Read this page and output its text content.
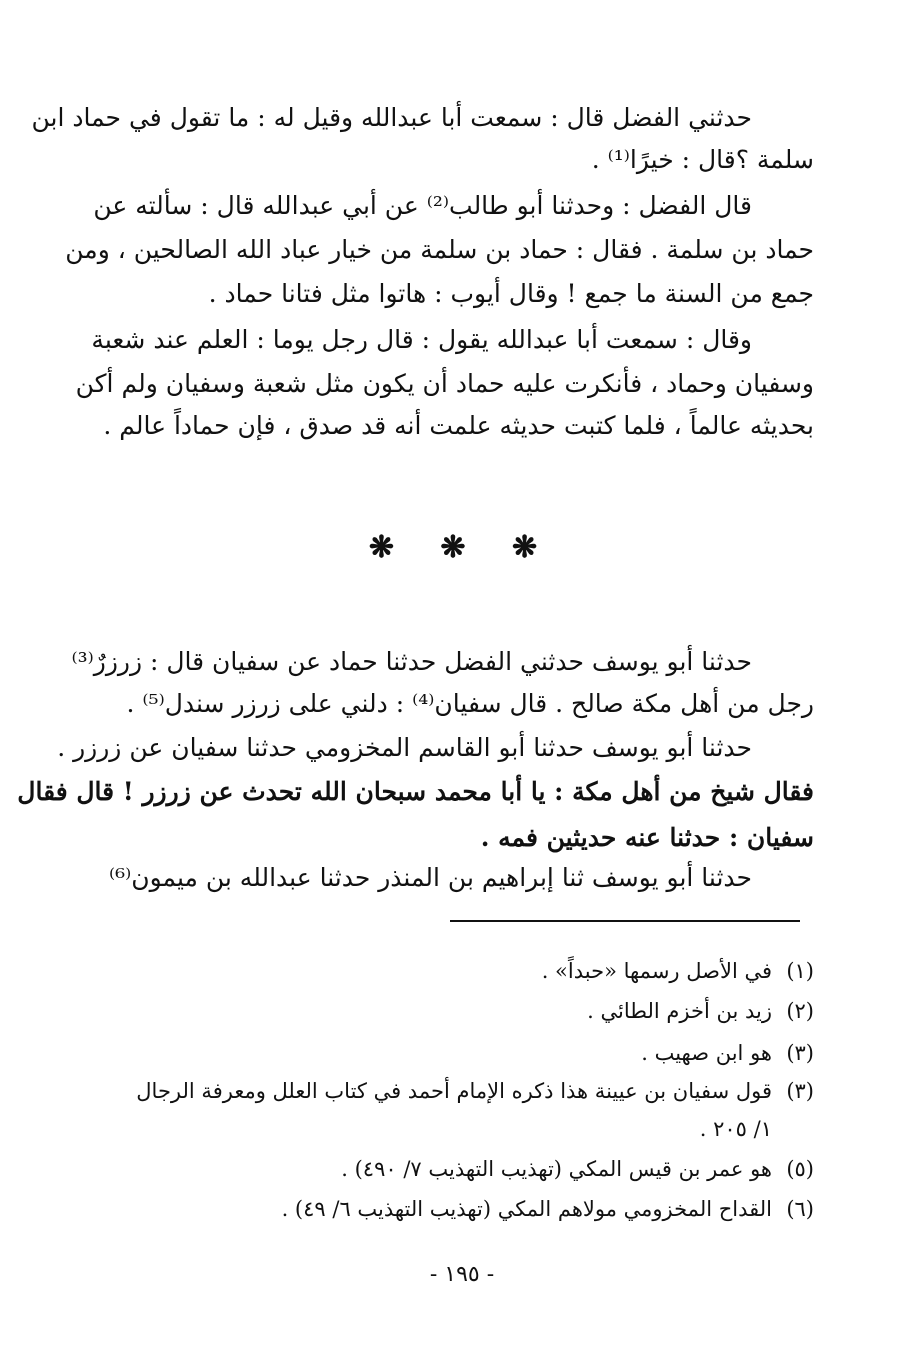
حدثني الفضل قال : سمعت أبا عبدالله وقيل له : ما تقول في حماد ابن
سلمة ؟قال : خيرًا⁽¹⁾ .
قال الفضل : وحدثنا أبو طالب⁽²⁾ عن أبي عبدالله قال : سألته عن
حماد بن سلمة . فقال : حماد بن سلمة من خيار عباد الله الصالحين ، ومن
جمع من السنة ما جمع ! وقال أيوب : هاتوا مثل فتانا حماد .
وقال : سمعت أبا عبدالله يقول : قال رجل يوما : العلم عند شعبة
وسفيان وحماد ، فأنكرت عليه حماد أن يكون مثل شعبة وسفيان ولم أكن
بحديثه عالماً ، فلما كتبت حديثه علمت أنه قد صدق ، فإن حماداً عالم .
❋ ❋ ❋
حدثنا أبو يوسف حدثني الفضل حدثنا حماد عن سفيان قال : زرزرٌ⁽³⁾
رجل من أهل مكة صالح . قال سفيان⁽⁴⁾ : دلني على زرزر سندل⁽⁵⁾ .
حدثنا أبو يوسف حدثنا أبو القاسم المخزومي حدثنا سفيان عن زرزر .
فقال شيخ من أهل مكة : يا أبا محمد سبحان الله تحدث عن زرزر ! قال فقال
سفيان : حدثنا عنه حديثين فمه .
حدثنا أبو يوسف ثنا إبراهيم بن المنذر حدثنا عبدالله بن ميمون⁽⁶⁾
(١)في الأصل رسمها «حبداً» .
(٢)زيد بن أخزم الطائي .
(٣)هو ابن صهيب .
(٣)قول سفيان بن عيينة هذا ذكره الإمام أحمد في كتاب العلل ومعرفة الرجال
١/ ٢٠٥ .
(٥)هو عمر بن قيس المكي (تهذيب التهذيب ٧/ ٤٩٠) .
(٦)القداح المخزومي مولاهم المكي (تهذيب التهذيب ٦/ ٤٩) .
- ١٩٥ -
